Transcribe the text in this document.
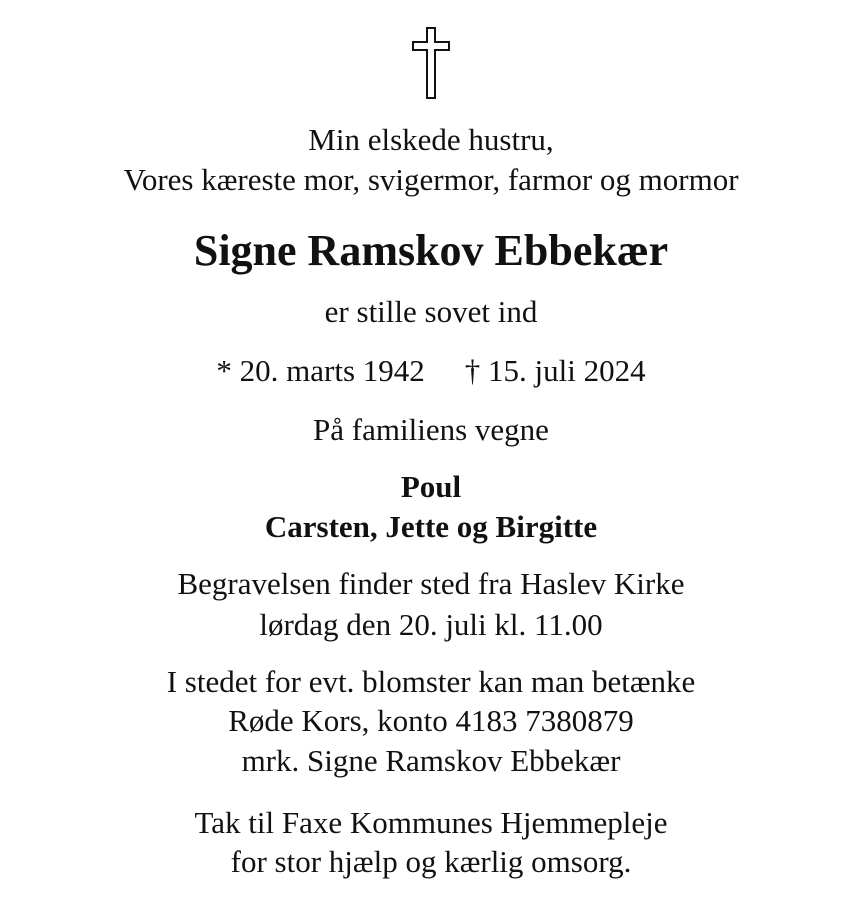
Min elskede hustru,
Vores kæreste mor, svigermor, farmor og mormor
Signe Ramskov Ebbekær
er stille sovet ind
* 20. marts 1942 † 15. juli 2024
På familiens vegne
Poul
Carsten, Jette og Birgitte
Begravelsen finder sted fra Haslev Kirke
lørdag den 20. juli kl. 11.00
I stedet for evt. blomster kan man betænke
Røde Kors, konto 4183 7380879
mrk. Signe Ramskov Ebbekær
Tak til Faxe Kommunes Hjemmepleje
for stor hjælp og kærlig omsorg.
